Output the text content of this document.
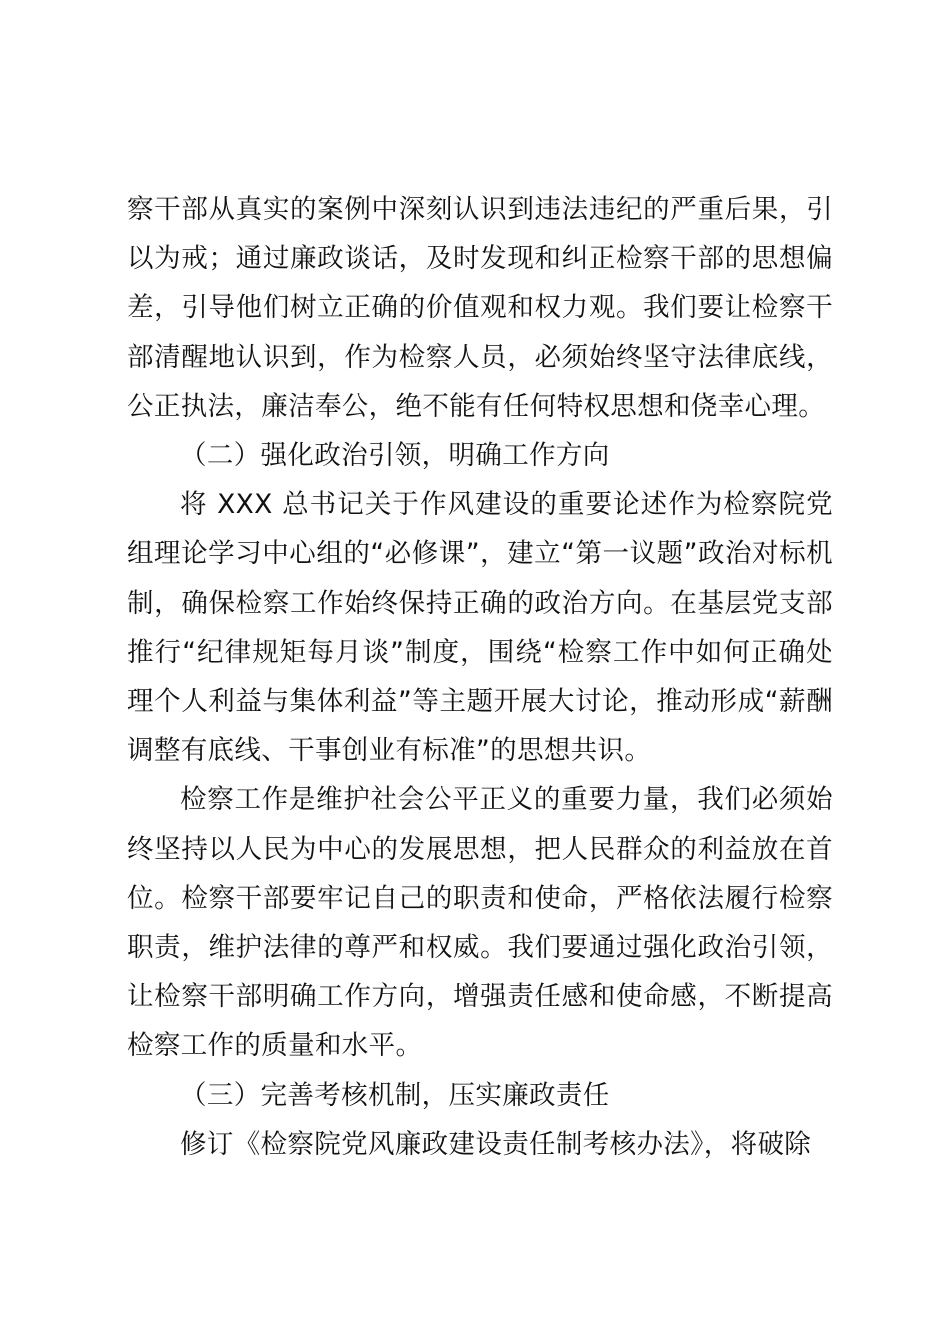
察干部从真实的案例中深刻认识到违法违纪的严重后果，引以为戒；通过廉政谈话，及时发现和纠正检察干部的思想偏差，引导他们树立正确的价值观和权力观。我们要让检察干部清醒地认识到，作为检察人员，必须始终坚守法律底线，公正执法，廉洁奉公，绝不能有任何特权思想和侥幸心理。

（二）强化政治引领，明确工作方向

将 XXX 总书记关于作风建设的重要论述作为检察院党组理论学习中心组的“必修课”，建立“第一议题”政治对标机制，确保检察工作始终保持正确的政治方向。在基层党支部推行“纪律规矩每月谈”制度，围绕“检察工作中如何正确处理个人利益与集体利益”等主题开展大讨论，推动形成“薪酬调整有底线、干事创业有标准”的思想共识。

检察工作是维护社会公平正义的重要力量，我们必须始终坚持以人民为中心的发展思想，把人民群众的利益放在首位。检察干部要牢记自己的职责和使命，严格依法履行检察职责，维护法律的尊严和权威。我们要通过强化政治引领，让检察干部明确工作方向，增强责任感和使命感，不断提高检察工作的质量和水平。

（三）完善考核机制，压实廉政责任

修订《检察院党风廉政建设责任制考核办法》，将破除
